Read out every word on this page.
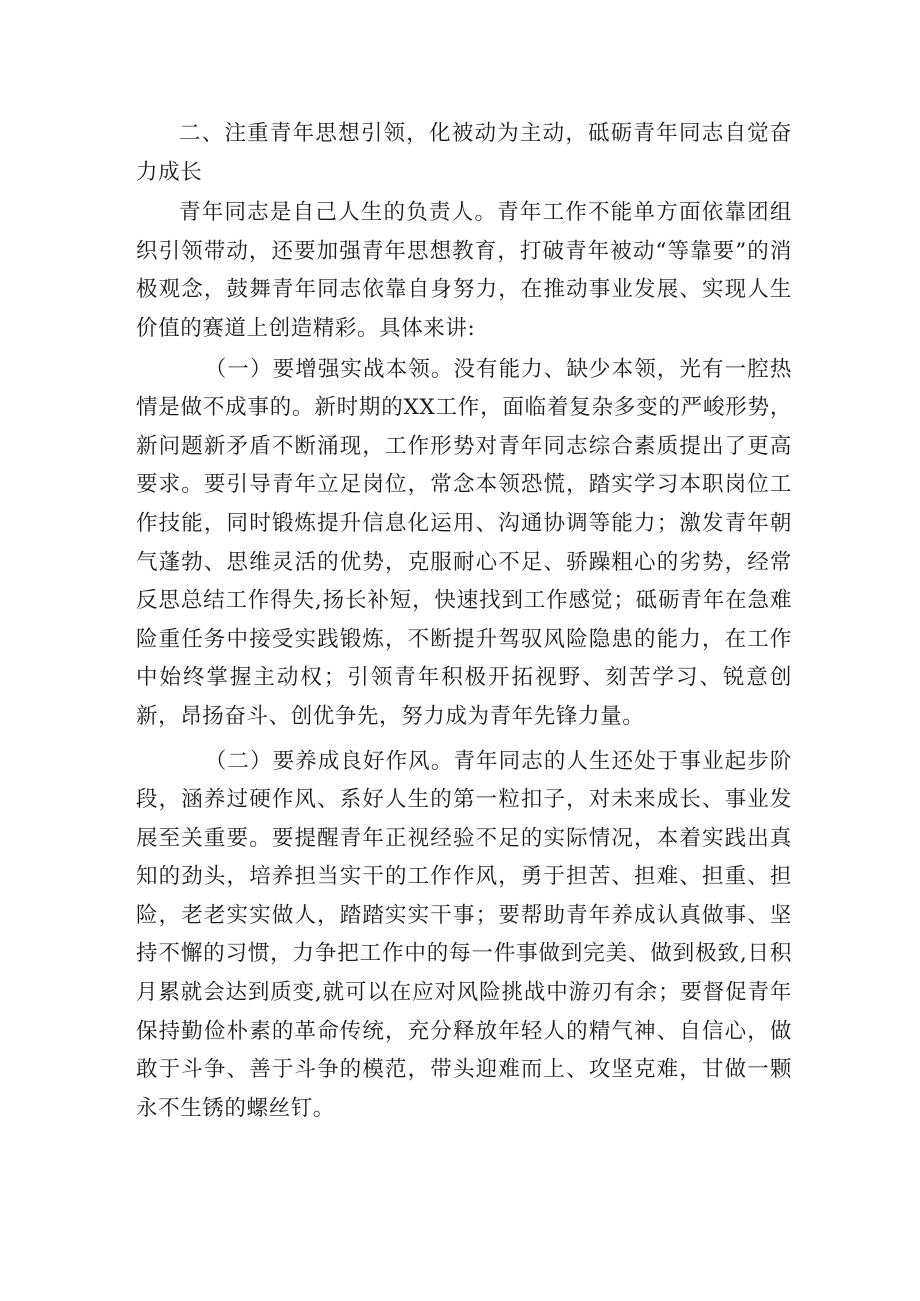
二、注重青年思想引领，化被动为主动，砥砺青年同志自觉奋力成长

青年同志是自己人生的负责人。青年工作不能单方面依靠团组织引领带动，还要加强青年思想教育，打破青年被动“等靠要”的消极观念，鼓舞青年同志依靠自身努力，在推动事业发展、实现人生价值的赛道上创造精彩。具体来讲:

（一）要增强实战本领。没有能力、缺少本领，光有一腔热情是做不成事的。新时期的XX工作，面临着复杂多变的严峻形势，新问题新矛盾不断涌现，工作形势对青年同志综合素质提出了更高要求。要引导青年立足岗位，常念本领恐慌，踏实学习本职岗位工作技能，同时锻炼提升信息化运用、沟通协调等能力；激发青年朝气蓬勃、思维灵活的优势，克服耐心不足、骄躁粗心的劣势，经常反思总结工作得失,扬长补短，快速找到工作感觉；砥砺青年在急难险重任务中接受实践锻炼，不断提升驾驭风险隐患的能力，在工作中始终掌握主动权；引领青年积极开拓视野、刻苦学习、锐意创新，昂扬奋斗、创优争先，努力成为青年先锋力量。

（二）要养成良好作风。青年同志的人生还处于事业起步阶段，涵养过硬作风、系好人生的第一粒扣子，对未来成长、事业发展至关重要。要提醒青年正视经验不足的实际情况，本着实践出真知的劲头，培养担当实干的工作作风，勇于担苦、担难、担重、担险，老老实实做人，踏踏实实干事；要帮助青年养成认真做事、坚持不懈的习惯，力争把工作中的每一件事做到完美、做到极致,日积月累就会达到质变,就可以在应对风险挑战中游刃有余；要督促青年保持勤俭朴素的革命传统，充分释放年轻人的精气神、自信心，做敢于斗争、善于斗争的模范，带头迎难而上、攻坚克难，甘做一颗永不生锈的螺丝钉。
